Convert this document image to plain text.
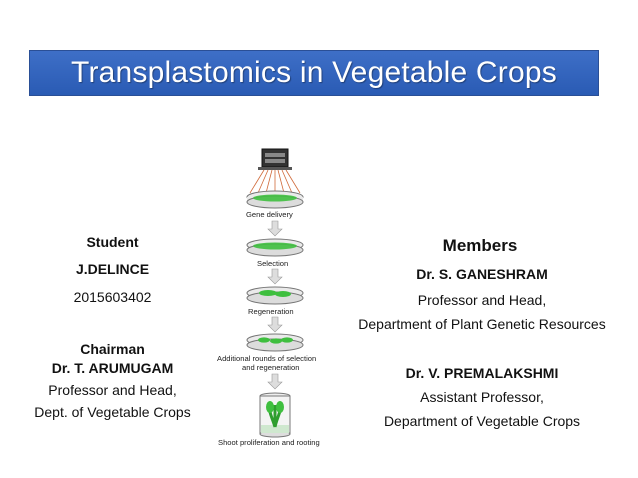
Transplastomics in Vegetable Crops
Student
J.DELINCE
2015603402
Chairman
Dr. T. ARUMUGAM
Professor and Head,
Dept. of Vegetable Crops
Members
Dr. S. GANESHRAM
Professor and Head,
Department of Plant Genetic Resources
Dr. V. PREMALAKSHMI
Assistant Professor,
Department of Vegetable Crops
Gene delivery
Selection
Regeneration
Additional rounds of selection
and regeneration
Shoot proliferation and rooting
